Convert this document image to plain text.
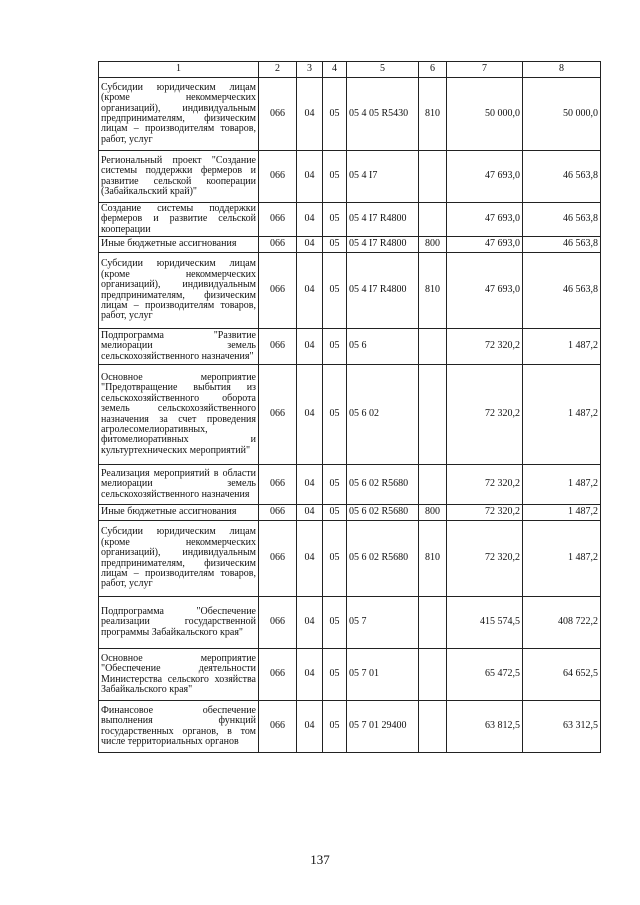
1	2	3	4	5	6	7	8
Субсидии юридическим лицам (кроме некоммерческих организаций), индивидуальным предпринимателям, физическим лицам – производителям товаров, работ, услуг	066	04	05	05 4 05 R5430	810	50 000,0	50 000,0
Региональный проект "Создание системы поддержки фермеров и развитие сельской кооперации (Забайкальский край)"	066	04	05	05 4 I7		47 693,0	46 563,8
Создание системы поддержки фермеров и развитие сельской кооперации	066	04	05	05 4 I7 R4800		47 693,0	46 563,8
Иные бюджетные ассигнования	066	04	05	05 4 I7 R4800	800	47 693,0	46 563,8
Субсидии юридическим лицам (кроме некоммерческих организаций), индивидуальным предпринимателям, физическим лицам – производителям товаров, работ, услуг	066	04	05	05 4 I7 R4800	810	47 693,0	46 563,8
Подпрограмма "Развитие мелиорации земель сельскохозяйственного назначения"	066	04	05	05 6		72 320,2	1 487,2
Основное мероприятие "Предотвращение выбытия из сельскохозяйственного оборота земель сельскохозяйственного назначения за счет проведения агролесомелиоративных, фитомелиоративных и культуртехнических мероприятий"	066	04	05	05 6 02		72 320,2	1 487,2
Реализация мероприятий в области мелиорации земель сельскохозяйственного назначения	066	04	05	05 6 02 R5680		72 320,2	1 487,2
Иные бюджетные ассигнования	066	04	05	05 6 02 R5680	800	72 320,2	1 487,2
Субсидии юридическим лицам (кроме некоммерческих организаций), индивидуальным предпринимателям, физическим лицам – производителям товаров, работ, услуг	066	04	05	05 6 02 R5680	810	72 320,2	1 487,2
Подпрограмма "Обеспечение реализации государственной программы Забайкальского края"	066	04	05	05 7		415 574,5	408 722,2
Основное мероприятие "Обеспечение деятельности Министерства сельского хозяйства Забайкальского края"	066	04	05	05 7 01		65 472,5	64 652,5
Финансовое обеспечение выполнения функций государственных органов, в том числе территориальных органов	066	04	05	05 7 01 29400		63 812,5	63 312,5
137
